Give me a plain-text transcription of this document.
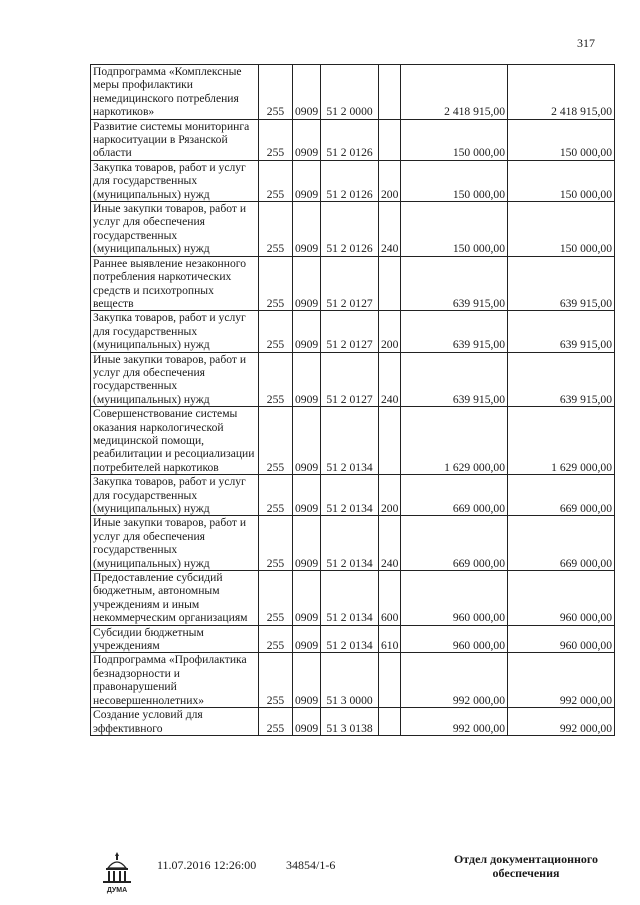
317
Подпрограмма «Комплексные меры профилактики немедицинского потребления наркотиков»	255	0909	51 2 0000		2 418 915,00	2 418 915,00
Развитие системы мониторинга наркоситуации в Рязанской области	255	0909	51 2 0126		150 000,00	150 000,00
Закупка товаров, работ и услуг для государственных (муниципальных) нужд	255	0909	51 2 0126	200	150 000,00	150 000,00
Иные закупки товаров, работ и услуг для обеспечения государственных (муниципальных) нужд	255	0909	51 2 0126	240	150 000,00	150 000,00
Раннее выявление незаконного потребления наркотических средств и психотропных веществ	255	0909	51 2 0127		639 915,00	639 915,00
Закупка товаров, работ и услуг для государственных (муниципальных) нужд	255	0909	51 2 0127	200	639 915,00	639 915,00
Иные закупки товаров, работ и услуг для обеспечения государственных (муниципальных) нужд	255	0909	51 2 0127	240	639 915,00	639 915,00
Совершенствование системы оказания наркологической медицинской помощи, реабилитации и ресоциализации потребителей наркотиков	255	0909	51 2 0134		1 629 000,00	1 629 000,00
Закупка товаров, работ и услуг для государственных (муниципальных) нужд	255	0909	51 2 0134	200	669 000,00	669 000,00
Иные закупки товаров, работ и услуг для обеспечения государственных (муниципальных) нужд	255	0909	51 2 0134	240	669 000,00	669 000,00
Предоставление субсидий бюджетным, автономным учреждениям и иным некоммерческим организациям	255	0909	51 2 0134	600	960 000,00	960 000,00
Субсидии бюджетным учреждениям	255	0909	51 2 0134	610	960 000,00	960 000,00
Подпрограмма «Профилактика безнадзорности и правонарушений несовершеннолетних»	255	0909	51 3 0000		992 000,00	992 000,00
Создание условий для эффективного	255	0909	51 3 0138		992 000,00	992 000,00
ДУМА
11.07.2016 12:26:00 34854/1-6	Отдел документационного обеспечения
